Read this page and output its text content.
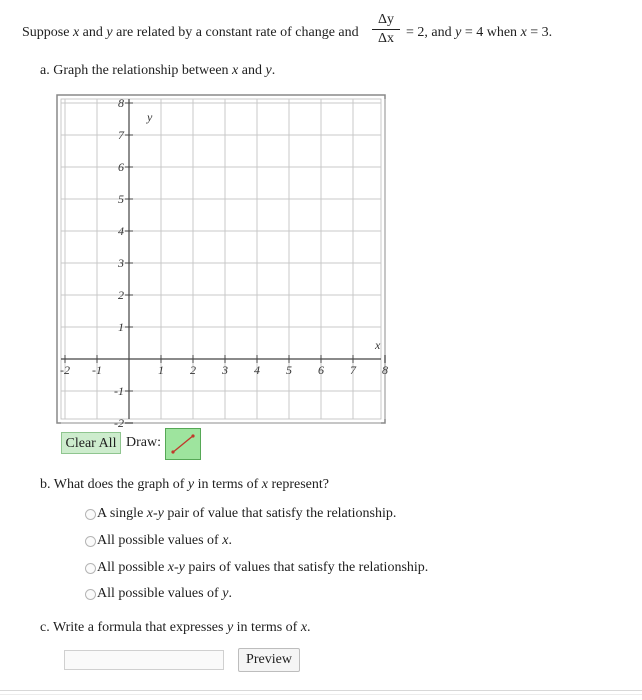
Suppose x and y are related by a constant rate of change and
Δy
Δx = 2, and y = 4 when x = 3.
a. Graph the relationship between x and y.
-2 -1	1 2 3 4 5 6 7 8
8
7
6
5
4
3
2
1
-1
-2
x
y
Clear All Draw:
b. What does the graph of y in terms of x represent?
A single x-y pair of value that satisfy the relationship.
All possible values of x.
All possible x-y pairs of values that satisfy the relationship.
All possible values of y.
c. Write a formula that expresses y in terms of x.
Preview
